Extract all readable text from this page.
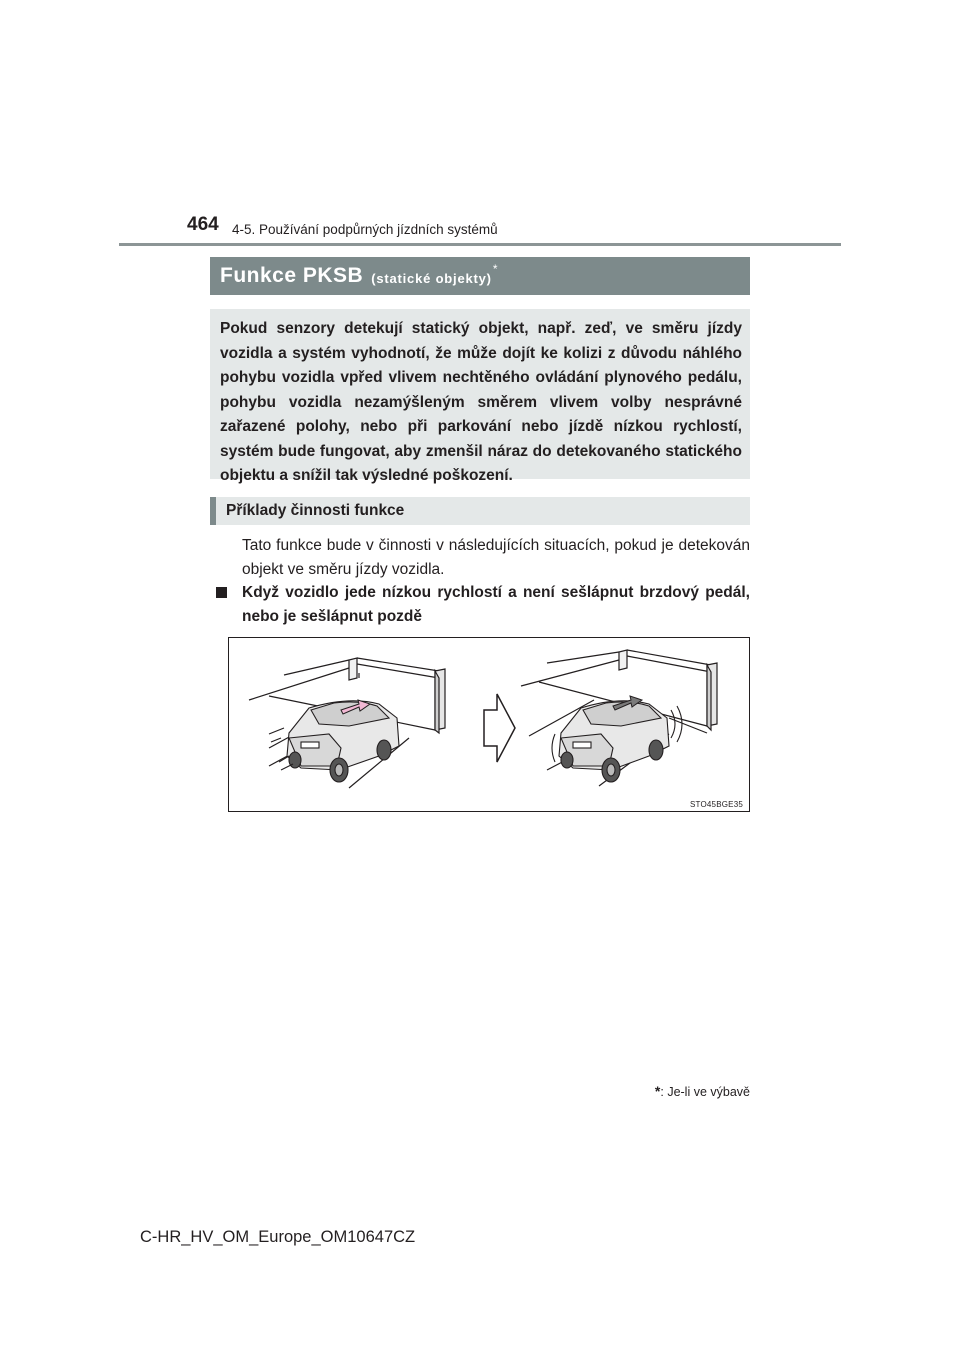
464 4-5. Používání podpůrných jízdních systémů
Funkce PKSB (statické objekty)
*
Pokud senzory detekují statický objekt, např. zeď, ve směru jízdy vozidla a systém vyhodnotí, že může dojít ke kolizi z důvodu náhlého pohybu vozidla vpřed vlivem nechtěného ovládání plynového pedálu, pohybu vozidla nezamýšleným směrem vlivem volby nesprávné zařazené polohy, nebo při parkování nebo jízdě nízkou rychlostí, systém bude fungovat, aby zmenšil náraz do detekovaného statického objektu a snížil tak výsledné poškození.
Příklady činnosti funkce
Tato funkce bude v činnosti v následujících situacích, pokud je detekován objekt ve směru jízdy vozidla.
Když vozidlo jede nízkou rychlostí a není sešlápnut brzdový pedál, nebo je sešlápnut pozdě
STO45BGE35
*: Je-li ve výbavě
C-HR_HV_OM_Europe_OM10647CZ
